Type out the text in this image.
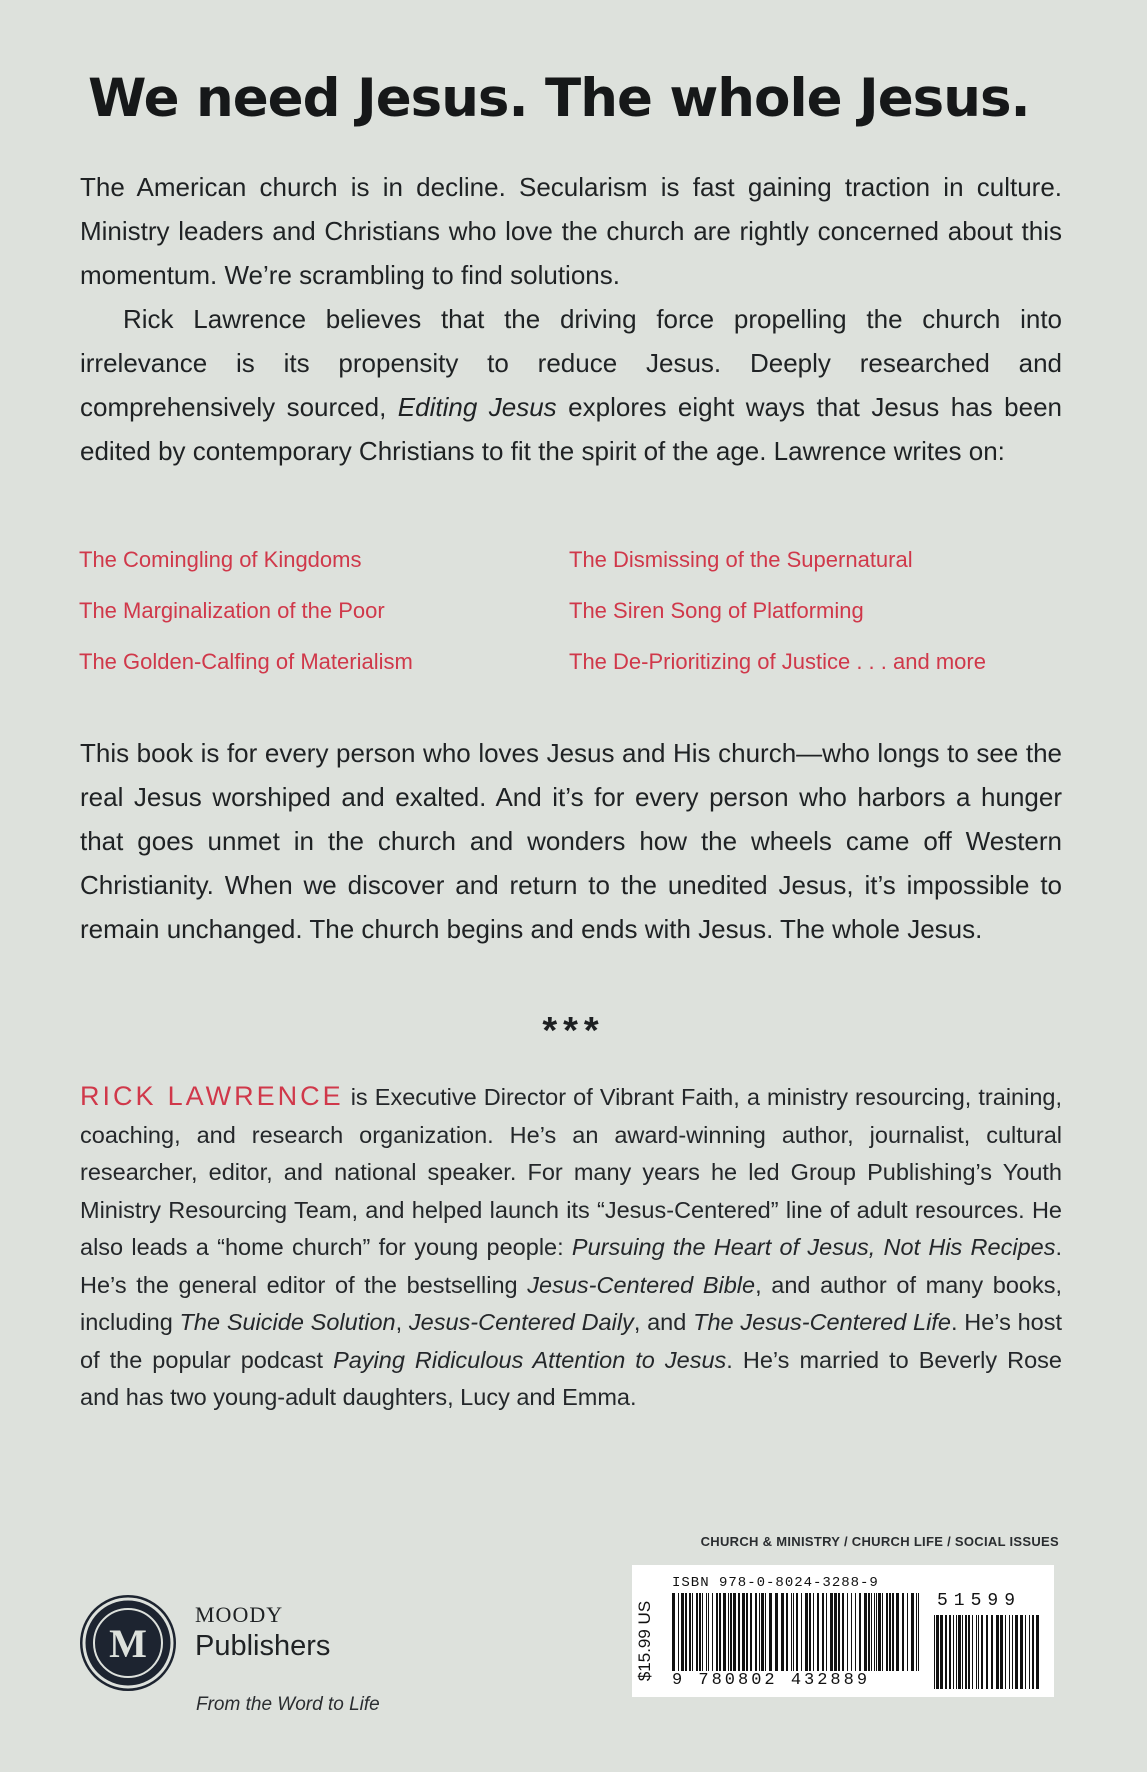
We need Jesus. The whole Jesus.

The American church is in decline. Secularism is fast gaining traction in culture. Ministry leaders and Christians who love the church are rightly concerned about this momentum. We’re scrambling to find solutions.

Rick Lawrence believes that the driving force propelling the church into irrelevance is its propensity to reduce Jesus. Deeply researched and comprehensively sourced, Editing Jesus explores eight ways that Jesus has been edited by contemporary Christians to fit the spirit of the age. Lawrence writes on:

The Comingling of Kingdoms	The Dismissing of the Supernatural
The Marginalization of the Poor	The Siren Song of Platforming
The Golden-Calfing of Materialism	The De-Prioritizing of Justice . . . and more

This book is for every person who loves Jesus and His church—who longs to see the real Jesus worshiped and exalted. And it’s for every person who harbors a hunger that goes unmet in the church and wonders how the wheels came off Western Christianity. When we discover and return to the unedited Jesus, it’s impossible to remain unchanged. The church begins and ends with Jesus. The whole Jesus.

***

RICK LAWRENCE is Executive Director of Vibrant Faith, a ministry resourcing, training, coaching, and research organization. He’s an award-winning author, journalist, cultural researcher, editor, and national speaker. For many years he led Group Publishing’s Youth Ministry Resourcing Team, and helped launch its “Jesus-Centered” line of adult resources. He also leads a “home church” for young people: Pursuing the Heart of Jesus, Not His Recipes. He’s the general editor of the bestselling Jesus-Centered Bible, and author of many books, including The Suicide Solution, Jesus-Centered Daily, and The Jesus-Centered Life. He’s host of the popular podcast Paying Ridiculous Attention to Jesus. He’s married to Beverly Rose and has two young-adult daughters, Lucy and Emma.

CHURCH & MINISTRY / CHURCH LIFE / SOCIAL ISSUES
M
MOODY
Publishers
From the Word to Life
$15.99 US
ISBN 978-0-8024-3288-9
9 780802 432889
51599
